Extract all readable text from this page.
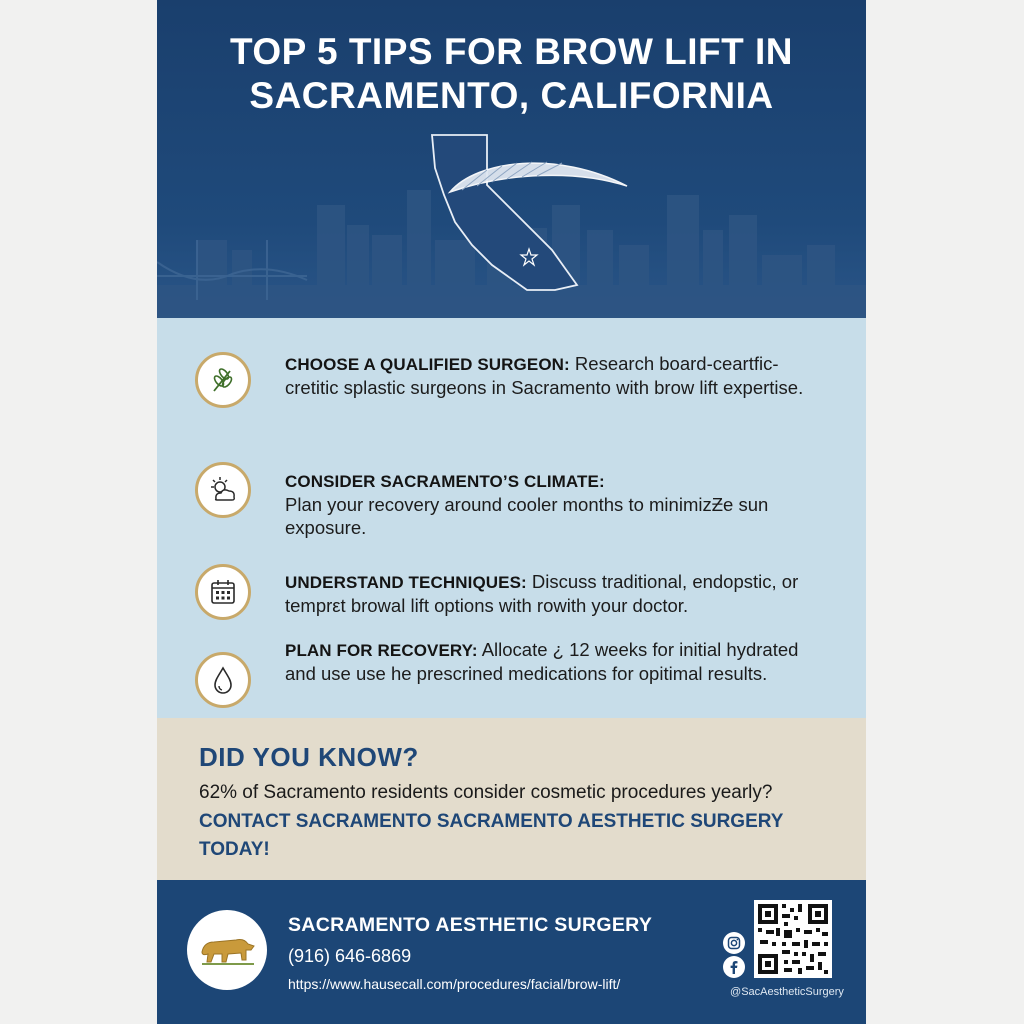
TOP 5 TIPS FOR BROW LIFT IN
SACRAMENTO, CALIFORNIA
CHOOSE A QUALIFIED SURGEON: Research board-ceartfic-cretitic splastic surgeons in Sacramento with brow lift expertise.
CONSIDER SACRAMENTO’S CLIMATE:
Plan your recovery around cooler months to minimizƵe sun exposure.
UNDERSTAND TECHNIQUES: Discuss traditional, endopstic, or temprεt browal lift options with rowith your doctor.
PLAN FOR RECOVERY: Allocate ¿ 12 weeks for initial hydrated and use use he prescrined medications for opitimal results.
DID YOU KNOW?
62% of Sacramento residents consider cosmetic procedures yearly?
CONTACT SACRAMENTO SACRAMENTO AESTHETIC SURGERY TODAY!
SACRAMENTO AESTHETIC SURGERY
(916) 646-6869
https://www.hausecall.com/procedures/facial/brow-lift/	@SacAestheticSurgery
